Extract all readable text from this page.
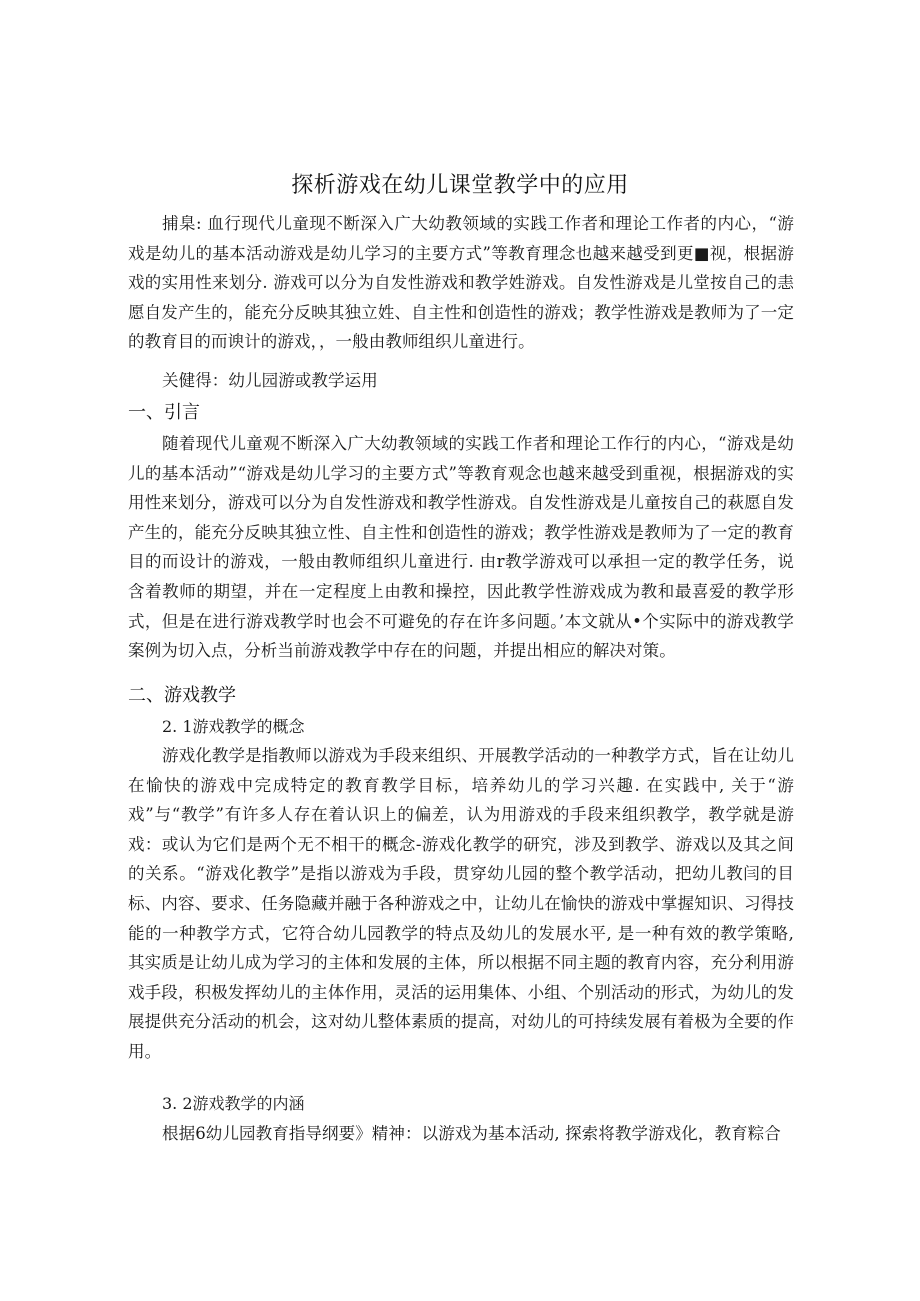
探析游戏在幼儿课堂教学中的应用
捕臬: 血行现代儿童现不断深入广大幼教领域的实践工作者和理论工作者的内心，“游戏是幼儿的基本活动游戏是幼儿学习的主要方式”等教育理念也越来越受到更■视，根据游戏的实用性来划分. 游戏可以分为自发性游戏和教学姓游戏。自发性游戏是儿堂按自己的恚愿自发产生的，能充分反映其独立姓、自主性和创造性的游戏；教学性游戏是教师为了一定的教育目的而谀计的游戏，，一般由教师组织儿童进行。
关健得：幼儿园游或教学运用
一、引言
随着现代儿童观不断深入广大幼教领域的实践工作者和理论工作行的内心，“游戏是幼儿的基本活动”“游戏是幼儿学习的主要方式”等教育观念也越来越受到重视，根据游戏的实用性来划分，游戏可以分为自发性游戏和教学性游戏。自发性游戏是儿童按自己的萩愿自发产生的，能充分反映其独立性、自主性和创造性的游戏；教学性游戏是教师为了一定的教育目的而设计的游戏，一般由教师组织儿童进行. 由r教学游戏可以承担一定的教学任务，说含着教师的期望，并在一定程度上由教和操控，因此教学性游戏成为教和最喜爱的教学形式，但是在进行游戏教学时也会不可避免的存在许多问题。’本文就从•个实际中的游戏教学案例为切入点，分析当前游戏教学中存在的问题，并提出相应的解决对策。
二、游戏教学
2. 1游戏教学的概念
游戏化教学是指教师以游戏为手段来组织、开展教学活动的一种教学方式，旨在让幼儿在愉快的游戏中完成特定的教育教学目标，培养幼儿的学习兴趣. 在实践中, 关于“游戏”与“教学”有许多人存在着认识上的偏差，认为用游戏的手段来组织教学，教学就是游戏：或认为它们是两个无不相干的概念-游戏化教学的研究，涉及到教学、游戏以及其之间的关系。“游戏化教学”是指以游戏为手段，贯穿幼儿园的整个教学活动，把幼儿教闫的目标、内容、要求、任务隐藏并融于各种游戏之中，让幼儿在愉快的游戏中掌握知识、习得技能的一种教学方式，它符合幼儿园教学的特点及幼儿的发展水平, 是一种有效的教学策略, 其实质是让幼儿成为学习的主体和发展的主体，所以根据不同主题的教育内容，充分利用游戏手段，积极发挥幼儿的主体作用，灵活的运用集体、小组、个别活动的形式，为幼儿的发展提供充分活动的机会，这对幼儿整体素质的提高，对幼儿的可持续发展有着极为全要的作用。
3. 2游戏教学的内涵
根据6幼儿园教育指导纲要》精神：以游戏为基本活动, 探索将教学游戏化，教育粽合
